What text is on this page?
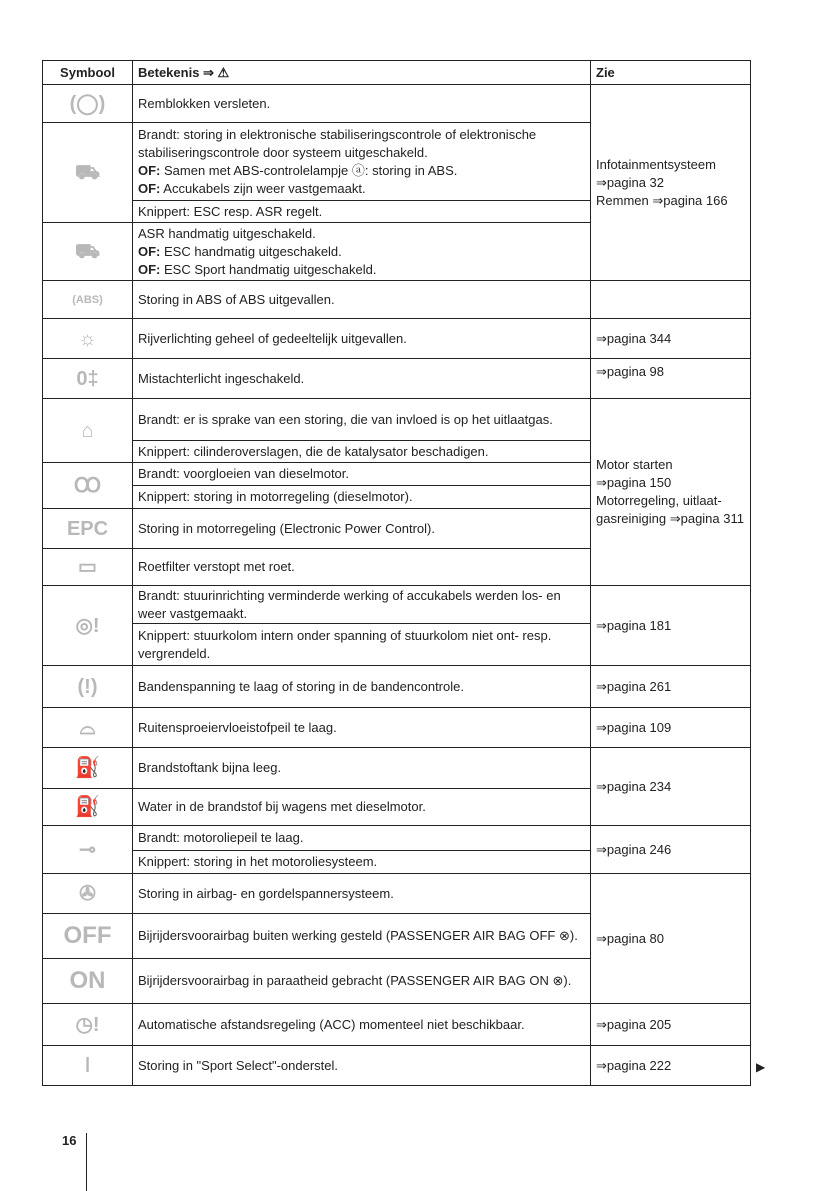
Symbool	Betekenis ⇒ ⚠	Zie
(◯)	Remblokken versleten.	Infotainmentsysteem
⇒pagina 32
Remmen ⇒pagina 166

⛟	Brandt: storing in elektronische stabiliseringscontrole of elektronische stabiliseringscontrole door systeem uitgeschakeld.
OF: Samen met ABS-controlelampje ⓐ: storing in ABS.
OF: Accukabels zijn weer vastgemaakt.	

	Knippert: ESC resp. ASR regelt.	
⛟	ASR handmatig uitgeschakeld.
OF: ESC handmatig uitgeschakeld.
OF: ESC Sport handmatig uitgeschakeld.	

(ABS)	Storing in ABS of ABS uitgevallen.	
☼	Rijverlichting geheel of gedeeltelijk uitgevallen.	⇒pagina 344
0‡	Mistachterlicht ingeschakeld.	⇒pagina 98
⌂	Brandt: er is sprake van een storing, die van invloed is op het uitlaatgas.	Motor starten
⇒pagina 150
Motorregeling, uitlaatgasreiniging ⇒pagina 311

	Knippert: cilinderoverslagen, die de katalysator beschadigen.	
Ꝏ	Brandt: voorgloeien van dieselmotor.	
	Knippert: storing in motorregeling (dieselmotor).	
EPC	Storing in motorregeling (Electronic Power Control).	
▭	Roetfilter verstopt met roet.	
◎!	Brandt: stuurinrichting verminderde werking of accukabels werden los- en weer vastgemaakt.	⇒pagina 181
	Knippert: stuurkolom intern onder spanning of stuurkolom niet ont- resp. vergrendeld.	
(!)	Bandenspanning te laag of storing in de bandencontrole.	⇒pagina 261
⌓	Ruitensproeiervloeistofpeil te laag.	⇒pagina 109
⛽	Brandstoftank bijna leeg.	⇒pagina 234
⛽	Water in de brandstof bij wagens met dieselmotor.	
⊸	Brandt: motoroliepeil te laag.	⇒pagina 246
	Knippert: storing in het motoroliesysteem.	
✇	Storing in airbag- en gordelspannersysteem.	⇒pagina 80
OFF	Bijrijdersvoorairbag buiten werking gesteld (PASSENGER AIR BAG OFF ⊗).	
ON	Bijrijdersvoorairbag in paraatheid gebracht (PASSENGER AIR BAG ON ⊗).	
◷!	Automatische afstandsregeling (ACC) momenteel niet beschikbaar.	⇒pagina 205
ǀ	Storing in "Sport Select"-onderstel.	⇒pagina 222	▶
16
